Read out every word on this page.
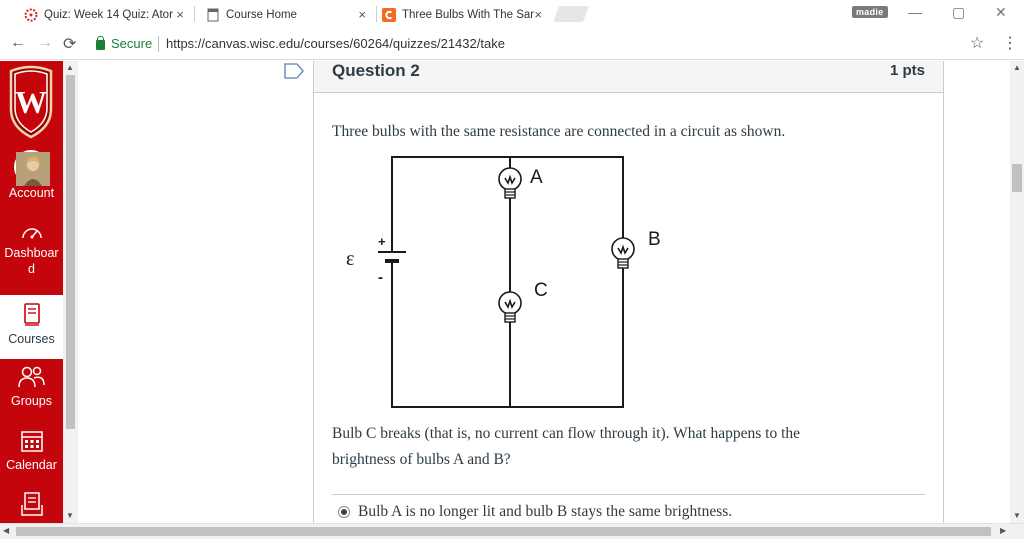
Quiz: Week 14 Quiz: Ator ×	Course Home	×	Three Bulbs With The Sar ×	madie — ▢ ✕
← → ⟳	Secure https://canvas.wisc.edu/courses/60264/quizzes/21432/take	☆ ⋮
W
Account
Dashboar
d
Courses
Groups
Calendar
▲
▼
Question 2	1 pts
Three bulbs with the same resistance are connected in a circuit as shown.
+
-
ε
A
C
B
Bulb C breaks (that is, no current can flow through it). What happens to the
brightness of bulbs A and B?
Bulb A is no longer lit and bulb B stays the same brightness.
▲
▼
◀	▶
